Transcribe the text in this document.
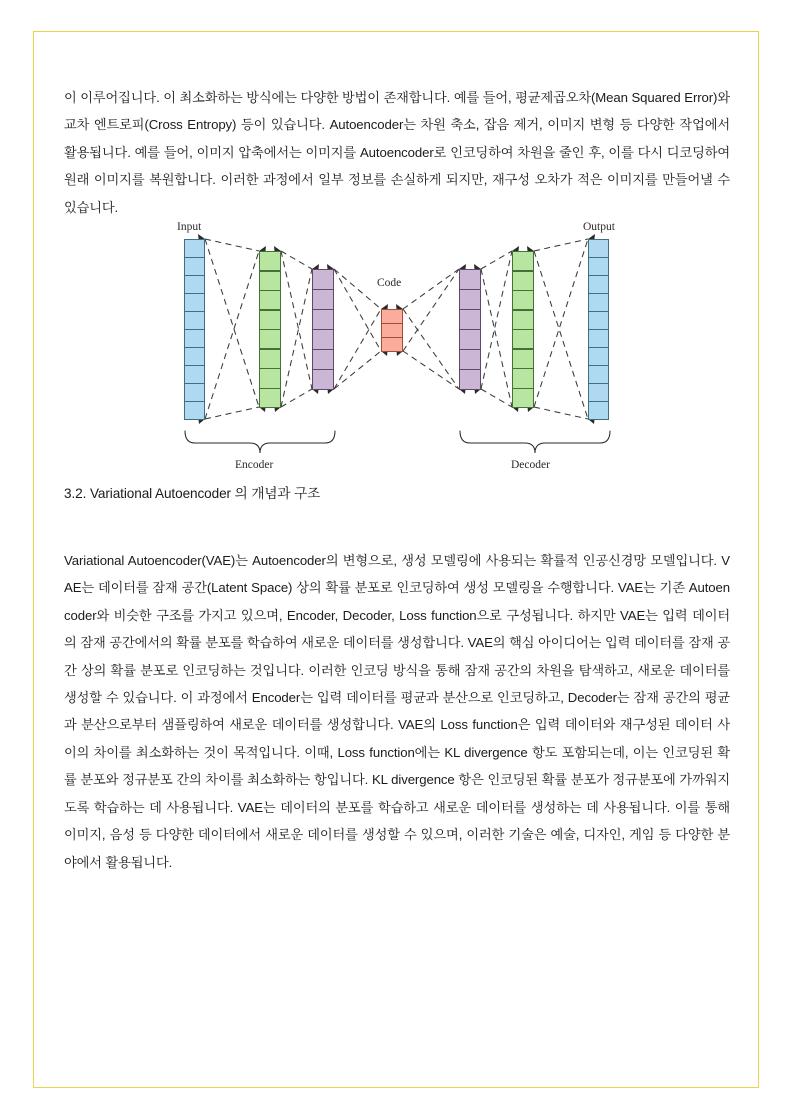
이 이루어집니다. 이 최소화하는 방식에는 다양한 방법이 존재합니다. 예를 들어, 평균제곱오차(Mean Squared Error)와 교차 엔트로피(Cross Entropy) 등이 있습니다. Autoencoder는 차원 축소, 잡음 제거, 이미지 변형 등 다양한 작업에서 활용됩니다. 예를 들어, 이미지 압축에서는 이미지를 Autoencoder로 인코딩하여 차원을 줄인 후, 이를 다시 디코딩하여 원래 이미지를 복원합니다. 이러한 과정에서 일부 정보를 손실하게 되지만, 재구성 오차가 적은 이미지를 만들어낼 수 있습니다.

Input	Output
Code
Encoder	Decoder
3.2. Variational Autoencoder 의 개념과 구조

Variational Autoencoder(VAE)는 Autoencoder의 변형으로, 생성 모델링에 사용되는 확률적 인공신경망 모델입니다. VAE는 데이터를 잠재 공간(Latent Space) 상의 확률 분포로 인코딩하여 생성 모델링을 수행합니다. VAE는 기존 Autoencoder와 비슷한 구조를 가지고 있으며, Encoder, Decoder, Loss function으로 구성됩니다. 하지만 VAE는 입력 데이터의 잠재 공간에서의 확률 분포를 학습하여 새로운 데이터를 생성합니다. VAE의 핵심 아이디어는 입력 데이터를 잠재 공간 상의 확률 분포로 인코딩하는 것입니다. 이러한 인코딩 방식을 통해 잠재 공간의 차원을 탐색하고, 새로운 데이터를 생성할 수 있습니다. 이 과정에서 Encoder는 입력 데이터를 평균과 분산으로 인코딩하고, Decoder는 잠재 공간의 평균과 분산으로부터 샘플링하여 새로운 데이터를 생성합니다. VAE의 Loss function은 입력 데이터와 재구성된 데이터 사이의 차이를 최소화하는 것이 목적입니다. 이때, Loss function에는 KL divergence 항도 포함되는데, 이는 인코딩된 확률 분포와 정규분포 간의 차이를 최소화하는 항입니다. KL divergence 항은 인코딩된 확률 분포가 정규분포에 가까워지도록 학습하는 데 사용됩니다. VAE는 데이터의 분포를 학습하고 새로운 데이터를 생성하는 데 사용됩니다. 이를 통해 이미지, 음성 등 다양한 데이터에서 새로운 데이터를 생성할 수 있으며, 이러한 기술은 예술, 디자인, 게임 등 다양한 분야에서 활용됩니다.
